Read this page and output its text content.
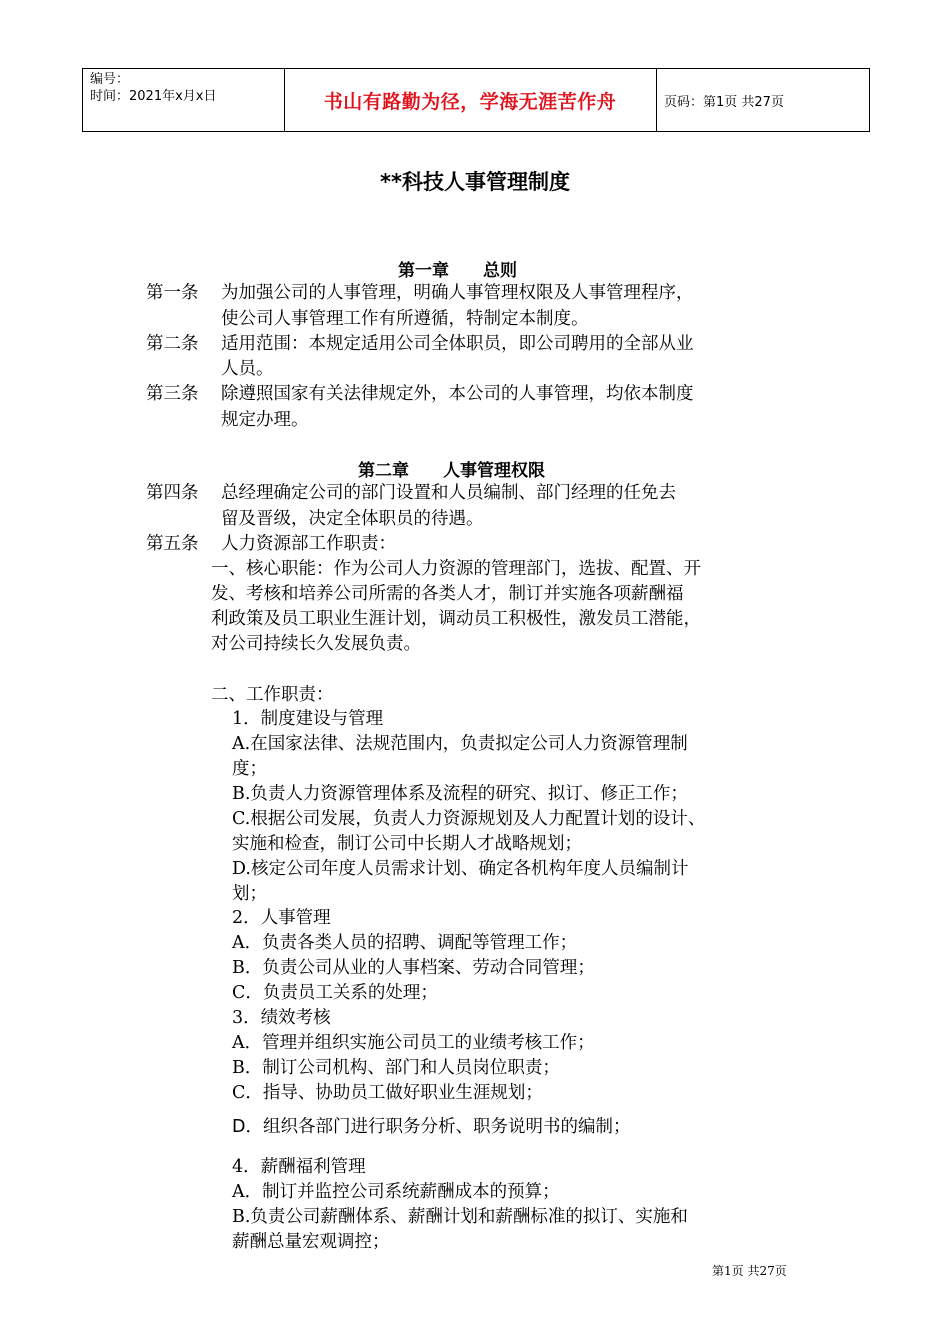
编号：
时间：2021年x月x日	书山有路勤为径，学海无涯苦作舟	页码：第1页 共27页
**科技人事管理制度
第一章　　总则
第一条 为加强公司的人事管理，明确人事管理权限及人事管理程序，
使公司人事管理工作有所遵循，特制定本制度。
第二条 适用范围：本规定适用公司全体职员，即公司聘用的全部从业
人员。
第三条 除遵照国家有关法律规定外，本公司的人事管理，均依本制度
规定办理。
第二章　　人事管理权限
第四条 总经理确定公司的部门设置和人员编制、部门经理的任免去
留及晋级，决定全体职员的待遇。
第五条 人力资源部工作职责：
一、核心职能：作为公司人力资源的管理部门，选拔、配置、开
发、考核和培养公司所需的各类人才，制订并实施各项薪酬福
利政策及员工职业生涯计划，调动员工积极性，激发员工潜能，
对公司持续长久发展负责。
二、工作职责：
1．制度建设与管理
A.在国家法律、法规范围内，负责拟定公司人力资源管理制
度；
B.负责人力资源管理体系及流程的研究、拟订、修正工作；
C.根据公司发展，负责人力资源规划及人力配置计划的设计、
实施和检查，制订公司中长期人才战略规划；
D.核定公司年度人员需求计划、确定各机构年度人员编制计
划；
2．人事管理
A．负责各类人员的招聘、调配等管理工作；
B．负责公司从业的人事档案、劳动合同管理；
C．负责员工关系的处理；
3．绩效考核
A．管理并组织实施公司员工的业绩考核工作；
B．制订公司机构、部门和人员岗位职责；
C．指导、协助员工做好职业生涯规划；
D．组织各部门进行职务分析、职务说明书的编制；
4．薪酬福利管理
A．制订并监控公司系统薪酬成本的预算；
B.负责公司薪酬体系、薪酬计划和薪酬标准的拟订、实施和
薪酬总量宏观调控；
第1页 共27页
